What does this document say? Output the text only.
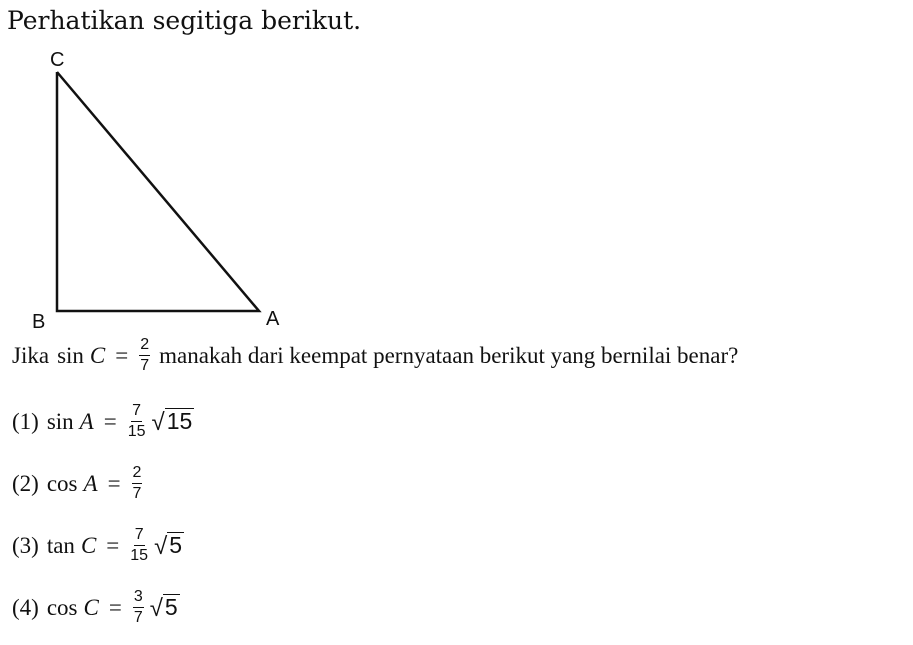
Perhatikan segitiga berikut.
C
B	A
Jika $\sin C = \frac{2}{7}$ manakah dari keempat pernyataan berikut yang bernilai benar?
(1) $\sin A = \frac{7}{15}$ √ 15
(2) $\cos A = \frac{2}{7}$
(3) $\tan C = \frac{7}{15}$ √ 5
(4) $\cos C = \frac{3}{7}$ √ 5
